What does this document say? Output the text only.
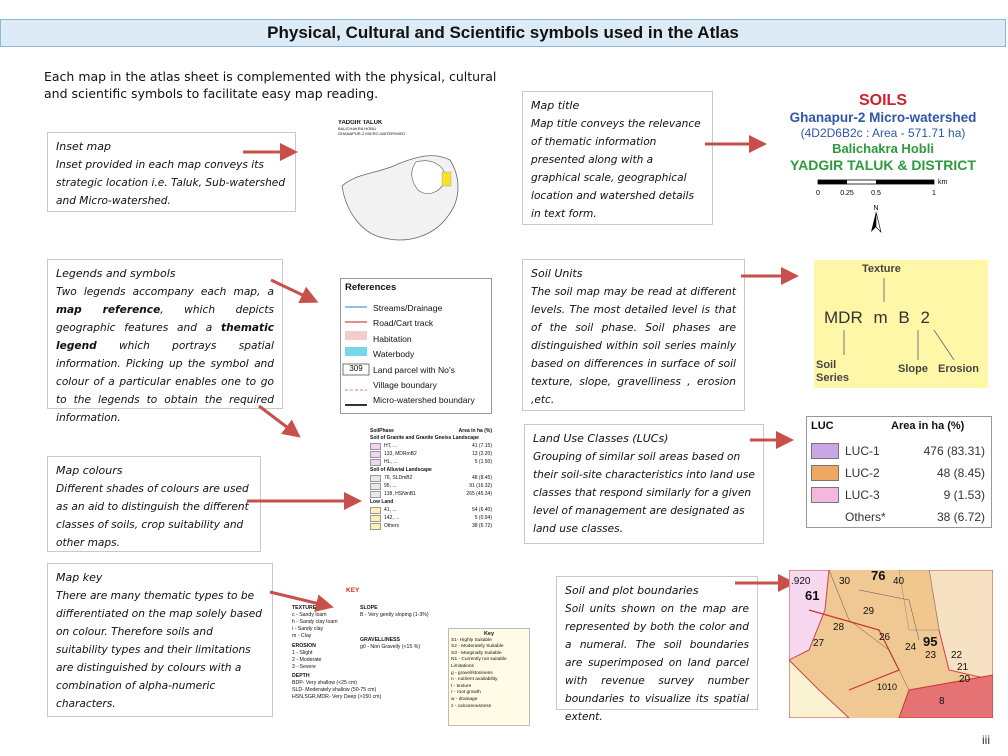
Physical, Cultural and Scientific symbols used in the Atlas
Each map in the atlas sheet is complemented with the physical, cultural and scientific symbols to facilitate easy map reading.
Inset map
Inset provided in each map conveys its strategic location i.e. Taluk, Sub-watershed and Micro-watershed.
Legends and symbols
Two legends accompany each map, a map reference, which depicts geographic features and a thematic legend which portrays spatial information. Picking up the symbol and colour of a particular enables one to go to the legends to obtain the required information.
Map colours
Different shades of colours are used as an aid to distinguish the different classes of soils, crop suitability and other maps.
Map key
There are many thematic types to be differentiated on the map solely based on colour. Therefore soils and suitability types and their limitations are distinguished by colours with a combination of alpha-numeric characters.
Map title
Map title conveys the relevance of thematic information presented along with a graphical scale, geographical location and watershed details in text form.
Soil Units
The soil map may be read at different levels. The most detailed level is that of the soil phase. Soil phases are distinguished within soil series mainly based on differences in surface of soil texture, slope, gravelliness , erosion ,etc.
Land Use Classes (LUCs)
Grouping of similar soil areas based on their soil-site characteristics into land use classes that respond similarly for a given level of management are designated as land use classes.
Soil and plot boundaries
Soil units shown on the map are represented by both the color and a numeral. The soil boundaries are superimposed on land parcel with revenue survey number boundaries to visualize its spatial extent.
YADGIR TALUK
BALICHAKRA HOBLI
GHANAPUR-2 MICRO-WATERSHED
References
309
Streams/Drainage
Road/Cart track
Habitation
Waterbody
Land parcel with No's
Village boundary
Micro-watershed boundary
SoilPhase	Area in ha (%)
Soil of Granite and Granite Gneiss Landscape
HT, ...	41 (7.15)
133, MDRmB2	13 (2.20)
HL, ...	5 (1.50)
Soil of Alluvial Landscape
76, SLDmB2	48 (8.45)
95, ...	91 (16.32)
138, HSNmB1	265 (45.34)
Low Land
41, ...	54 (6.40)
142, ...	5 (0.94)
Others	38 (6.72)
KEY
TEXTURE
c - Sandy loam
h - Sandy clay loam
i - Sandy clay
m - Clay
EROSION
1 - Slight
2 - Moderate
3 - Severe
DEPTH
BDP- Very shallow (<25 cm)
SLD- Moderately shallow (50-75 cm)
HSN,SGR,MDR- Very Deep (>150 cm)
SLOPE
B - Very gently sloping (1-3%)
GRAVELLINESS
g0 - Non Gravelly (<15 %)
Key
S1- Highly Suitable
S2 - Moderately Suitable
S3 - Marginally Suitable
N1 - Currently not suitable
Limitations
g - gravel/stoniness
n - nutrient availability
t - texture
r - root growth
w - drainage
z - calcareousness
SOILS
Ghanapur-2 Micro-watershed
(4D2D6B2c : Area - 571.71 ha)
Balichakra Hobli
YADGIR TALUK & DISTRICT
0	0.25 0.5	1
km
N
Texture
MDR m B 2
Soil
Series
Slope Erosion
LUC	Area in ha (%)
LUC-1	476 (83.31)
LUC-2	48 (8.45)
LUC-3	9 (1.53)
Others*	38 (6.72)
76
.920	30	40
61
29
28
27
26
24 95
23 22
21
20
1010
8
iii
